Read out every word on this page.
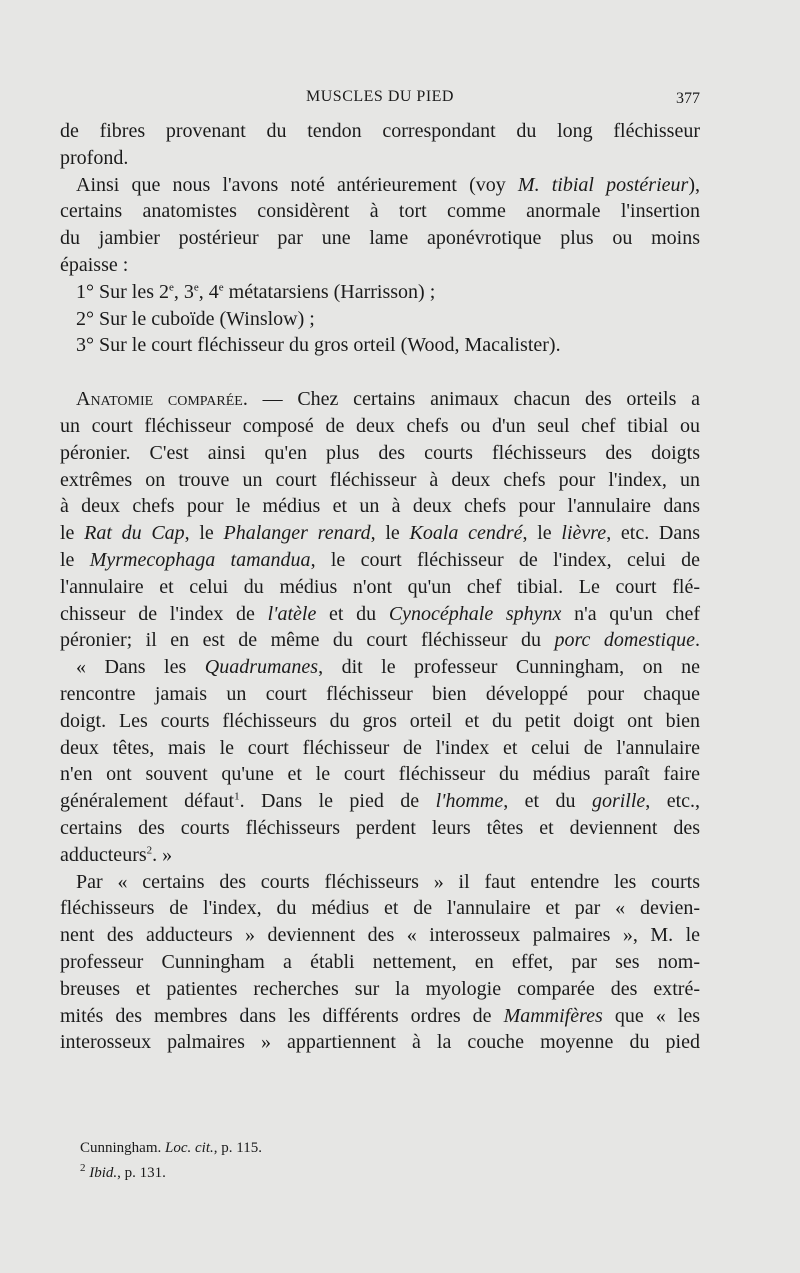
MUSCLES DU PIED	377
de fibres provenant du tendon correspondant du long fléchisseur
profond.
Ainsi que nous l'avons noté antérieurement (voy M. tibial postérieur),
certains anatomistes considèrent à tort comme anormale l'insertion
du jambier postérieur par une lame aponévrotique plus ou moins
épaisse :
1° Sur les 2e, 3e, 4e métatarsiens (Harrisson) ;
2° Sur le cuboïde (Winslow) ;
3° Sur le court fléchisseur du gros orteil (Wood, Macalister).
Anatomie comparée. — Chez certains animaux chacun des orteils a
un court fléchisseur composé de deux chefs ou d'un seul chef tibial ou
péronier. C'est ainsi qu'en plus des courts fléchisseurs des doigts
extrêmes on trouve un court fléchisseur à deux chefs pour l'index, un
à deux chefs pour le médius et un à deux chefs pour l'annulaire dans
le Rat du Cap, le Phalanger renard, le Koala cendré, le lièvre, etc. Dans
le Myrmecophaga tamandua, le court fléchisseur de l'index, celui de
l'annulaire et celui du médius n'ont qu'un chef tibial. Le court flé-
chisseur de l'index de l'atèle et du Cynocéphale sphynx n'a qu'un chef
péronier; il en est de même du court fléchisseur du porc domestique.
« Dans les Quadrumanes, dit le professeur Cunningham, on ne
rencontre jamais un court fléchisseur bien développé pour chaque
doigt. Les courts fléchisseurs du gros orteil et du petit doigt ont bien
deux têtes, mais le court fléchisseur de l'index et celui de l'annulaire
n'en ont souvent qu'une et le court fléchisseur du médius paraît faire
généralement défaut$^1$. Dans le pied de l'homme, et du gorille, etc.,
certains des courts fléchisseurs perdent leurs têtes et deviennent des
adducteurs$^2$. »
Par « certains des courts fléchisseurs » il faut entendre les courts
fléchisseurs de l'index, du médius et de l'annulaire et par « devien-
nent des adducteurs » deviennent des « interosseux palmaires », M. le
professeur Cunningham a établi nettement, en effet, par ses nom-
breuses et patientes recherches sur la myologie comparée des extré-
mités des membres dans les différents ordres de Mammifères que « les
interosseux palmaires » appartiennent à la couche moyenne du pied
Cunningham. Loc. cit., p. 115.
$^2$ Ibid., p. 131.
